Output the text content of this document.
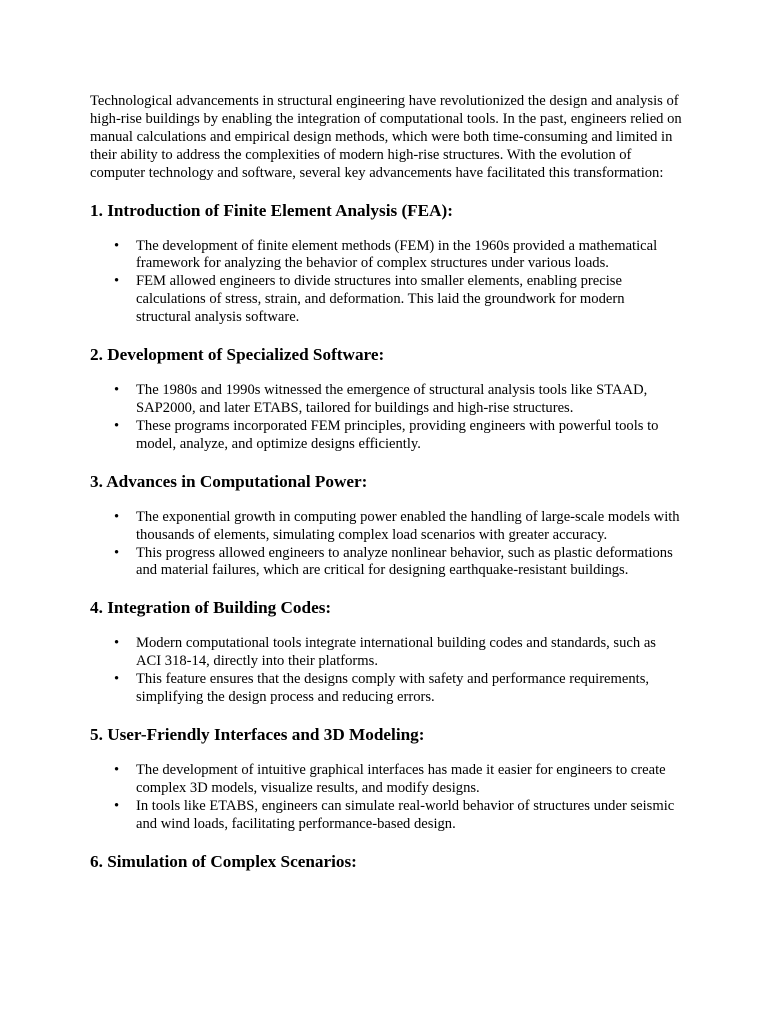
Technological advancements in structural engineering have revolutionized the design and analysis of high-rise buildings by enabling the integration of computational tools. In the past, engineers relied on manual calculations and empirical design methods, which were both time-consuming and limited in their ability to address the complexities of modern high-rise structures. With the evolution of computer technology and software, several key advancements have facilitated this transformation:

1. Introduction of Finite Element Analysis (FEA):
• The development of finite element methods (FEM) in the 1960s provided a mathematical framework for analyzing the behavior of complex structures under various loads.
• FEM allowed engineers to divide structures into smaller elements, enabling precise calculations of stress, strain, and deformation. This laid the groundwork for modern structural analysis software.
2. Development of Specialized Software:
• The 1980s and 1990s witnessed the emergence of structural analysis tools like STAAD, SAP2000, and later ETABS, tailored for buildings and high-rise structures.
• These programs incorporated FEM principles, providing engineers with powerful tools to model, analyze, and optimize designs efficiently.
3. Advances in Computational Power:
• The exponential growth in computing power enabled the handling of large-scale models with thousands of elements, simulating complex load scenarios with greater accuracy.
• This progress allowed engineers to analyze nonlinear behavior, such as plastic deformations and material failures, which are critical for designing earthquake-resistant buildings.
4. Integration of Building Codes:
• Modern computational tools integrate international building codes and standards, such as ACI 318-14, directly into their platforms.
• This feature ensures that the designs comply with safety and performance requirements, simplifying the design process and reducing errors.
5. User-Friendly Interfaces and 3D Modeling:
• The development of intuitive graphical interfaces has made it easier for engineers to create complex 3D models, visualize results, and modify designs.
• In tools like ETABS, engineers can simulate real-world behavior of structures under seismic and wind loads, facilitating performance-based design.
6. Simulation of Complex Scenarios:
